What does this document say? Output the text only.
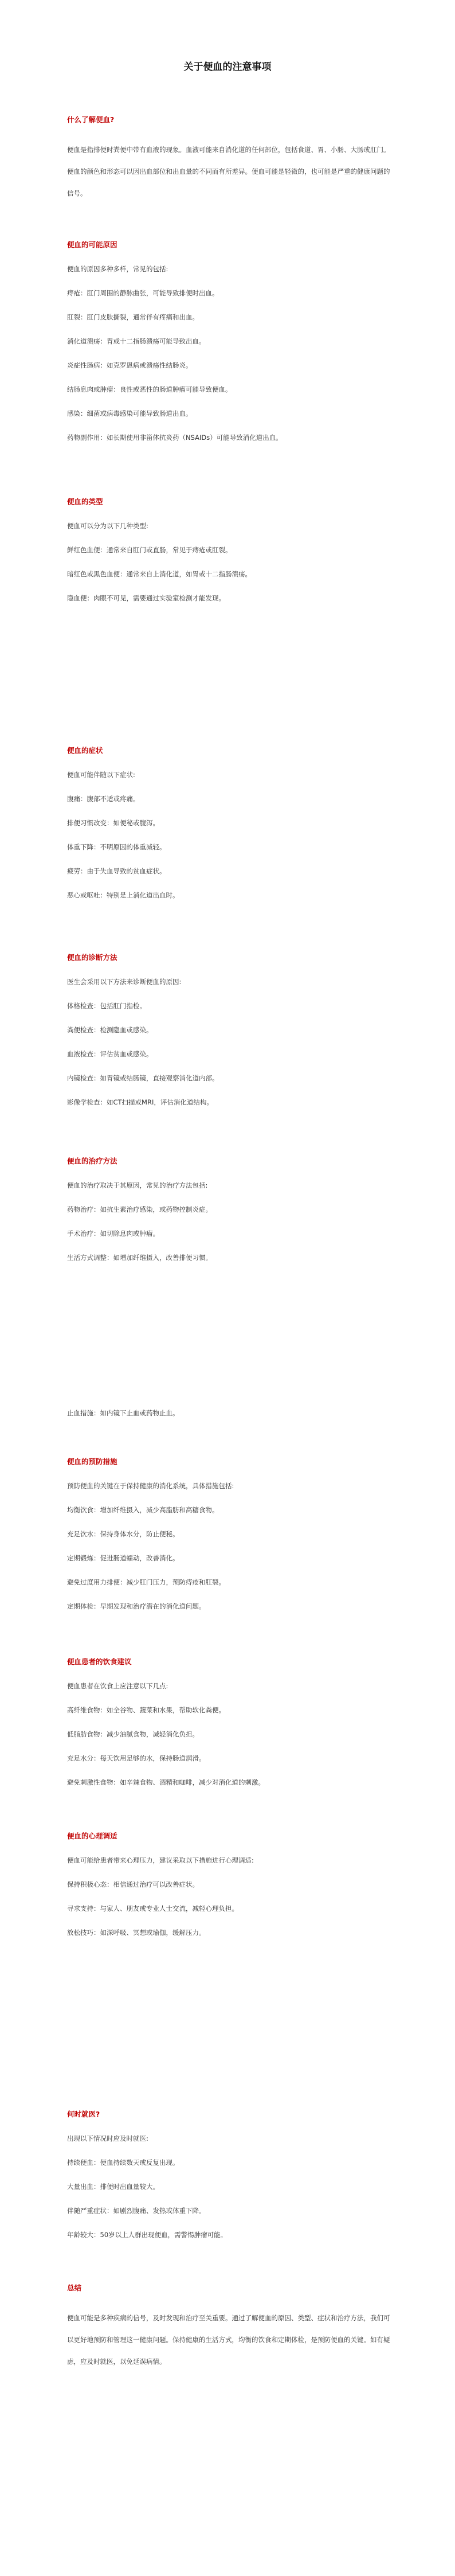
关于便血的注意事项
什么了解便血?

便血是指排便时粪便中带有血液的现象。血液可能来自消化道的任何部位，包括食道、胃、小肠、大肠或肛门。便血的颜色和形态可以因出血部位和出血量的不同而有所差异。便血可能是轻微的，也可能是严重的健康问题的信号。

便血的可能原因
便血的原因多种多样，常见的包括:
痔疮：肛门周围的静脉曲张，可能导致排便时出血。
肛裂：肛门皮肤撕裂，通常伴有疼痛和出血。
消化道溃疡：胃或十二指肠溃疡可能导致出血。
炎症性肠病：如克罗恩病或溃疡性结肠炎。
结肠息肉或肿瘤：良性或恶性的肠道肿瘤可能导致便血。
感染：细菌或病毒感染可能导致肠道出血。
药物副作用：如长期使用非甾体抗炎药（NSAIDs）可能导致消化道出血。
便血的类型
便血可以分为以下几种类型:
鲜红色血便：通常来自肛门或直肠，常见于痔疮或肛裂。
暗红色或黑色血便：通常来自上消化道，如胃或十二指肠溃疡。
隐血便：肉眼不可见，需要通过实验室检测才能发现。
便血的症状
便血可能伴随以下症状:
腹痛：腹部不适或疼痛。
排便习惯改变：如便秘或腹泻。
体重下降：不明原因的体重减轻。
疲劳：由于失血导致的贫血症状。
恶心或呕吐：特别是上消化道出血时。
便血的诊断方法
医生会采用以下方法来诊断便血的原因:
体格检查：包括肛门指检。
粪便检查：检测隐血或感染。
血液检查：评估贫血或感染。
内镜检查：如胃镜或结肠镜，直接观察消化道内部。
影像学检查：如CT扫描或MRI，评估消化道结构。
便血的治疗方法
便血的治疗取决于其原因，常见的治疗方法包括:
药物治疗：如抗生素治疗感染，或药物控制炎症。
手术治疗：如切除息肉或肿瘤。
生活方式调整：如增加纤维摄入，改善排便习惯。
止血措施：如内镜下止血或药物止血。
便血的预防措施
预防便血的关键在于保持健康的消化系统，具体措施包括:
均衡饮食：增加纤维摄入，减少高脂肪和高糖食物。
充足饮水：保持身体水分，防止便秘。
定期锻炼：促进肠道蠕动，改善消化。
避免过度用力排便：减少肛门压力，预防痔疮和肛裂。
定期体检：早期发现和治疗潜在的消化道问题。
便血患者的饮食建议
便血患者在饮食上应注意以下几点:
高纤维食物：如全谷物、蔬菜和水果，帮助软化粪便。
低脂肪食物：减少油腻食物，减轻消化负担。
充足水分：每天饮用足够的水，保持肠道润滑。
避免刺激性食物：如辛辣食物、酒精和咖啡，减少对消化道的刺激。
便血的心理调适
便血可能给患者带来心理压力，建议采取以下措施进行心理调适:
保持积极心态：相信通过治疗可以改善症状。
寻求支持：与家人、朋友或专业人士交流，减轻心理负担。
放松技巧：如深呼吸、冥想或瑜伽，缓解压力。
何时就医?
出现以下情况时应及时就医:
持续便血：便血持续数天或反复出现。
大量出血：排便时出血量较大。
伴随严重症状：如剧烈腹痛、发热或体重下降。
年龄较大：50岁以上人群出现便血，需警惕肿瘤可能。
总结

便血可能是多种疾病的信号，及时发现和治疗至关重要。通过了解便血的原因、类型、症状和治疗方法，我们可以更好地预防和管理这一健康问题。保持健康的生活方式，均衡的饮食和定期体检，是预防便血的关键。如有疑虑，应及时就医，以免延误病情。
